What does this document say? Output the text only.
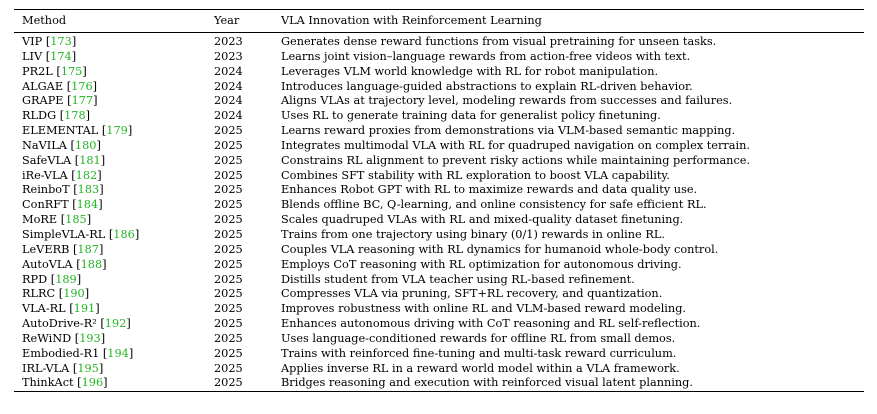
Method	Year	VLA Innovation with Reinforcement Learning

VIP [173]	2023	Generates dense reward functions from visual pretraining for unseen tasks.
LIV [174]	2023	Learns joint vision–language rewards from action-free videos with text.
PR2L [175]	2024	Leverages VLM world knowledge with RL for robot manipulation.
ALGAE [176]	2024	Introduces language-guided abstractions to explain RL-driven behavior.
GRAPE [177]	2024	Aligns VLAs at trajectory level, modeling rewards from successes and failures.
RLDG [178]	2024	Uses RL to generate training data for generalist policy finetuning.
ELEMENTAL [179]	2025	Learns reward proxies from demonstrations via VLM-based semantic mapping.
NaVILA [180]	2025	Integrates multimodal VLA with RL for quadruped navigation on complex terrain.
SafeVLA [181]	2025	Constrains RL alignment to prevent risky actions while maintaining performance.
iRe-VLA [182]	2025	Combines SFT stability with RL exploration to boost VLA capability.
ReinboT [183]	2025	Enhances Robot GPT with RL to maximize rewards and data quality use.
ConRFT [184]	2025	Blends offline BC, Q-learning, and online consistency for safe efficient RL.
MoRE [185]	2025	Scales quadruped VLAs with RL and mixed-quality dataset finetuning.
SimpleVLA-RL [186]	2025	Trains from one trajectory using binary (0/1) rewards in online RL.
LeVERB [187]	2025	Couples VLA reasoning with RL dynamics for humanoid whole-body control.
AutoVLA [188]	2025	Employs CoT reasoning with RL optimization for autonomous driving.
RPD [189]	2025	Distills student from VLA teacher using RL-based refinement.
RLRC [190]	2025	Compresses VLA via pruning, SFT+RL recovery, and quantization.
VLA-RL [191]	2025	Improves robustness with online RL and VLM-based reward modeling.
AutoDrive-R² [192]	2025	Enhances autonomous driving with CoT reasoning and RL self-reflection.
ReWiND [193]	2025	Uses language-conditioned rewards for offline RL from small demos.
Embodied-R1 [194]	2025	Trains with reinforced fine-tuning and multi-task reward curriculum.
IRL-VLA [195]	2025	Applies inverse RL in a reward world model within a VLA framework.
ThinkAct [196]	2025	Bridges reasoning and execution with reinforced visual latent planning.
